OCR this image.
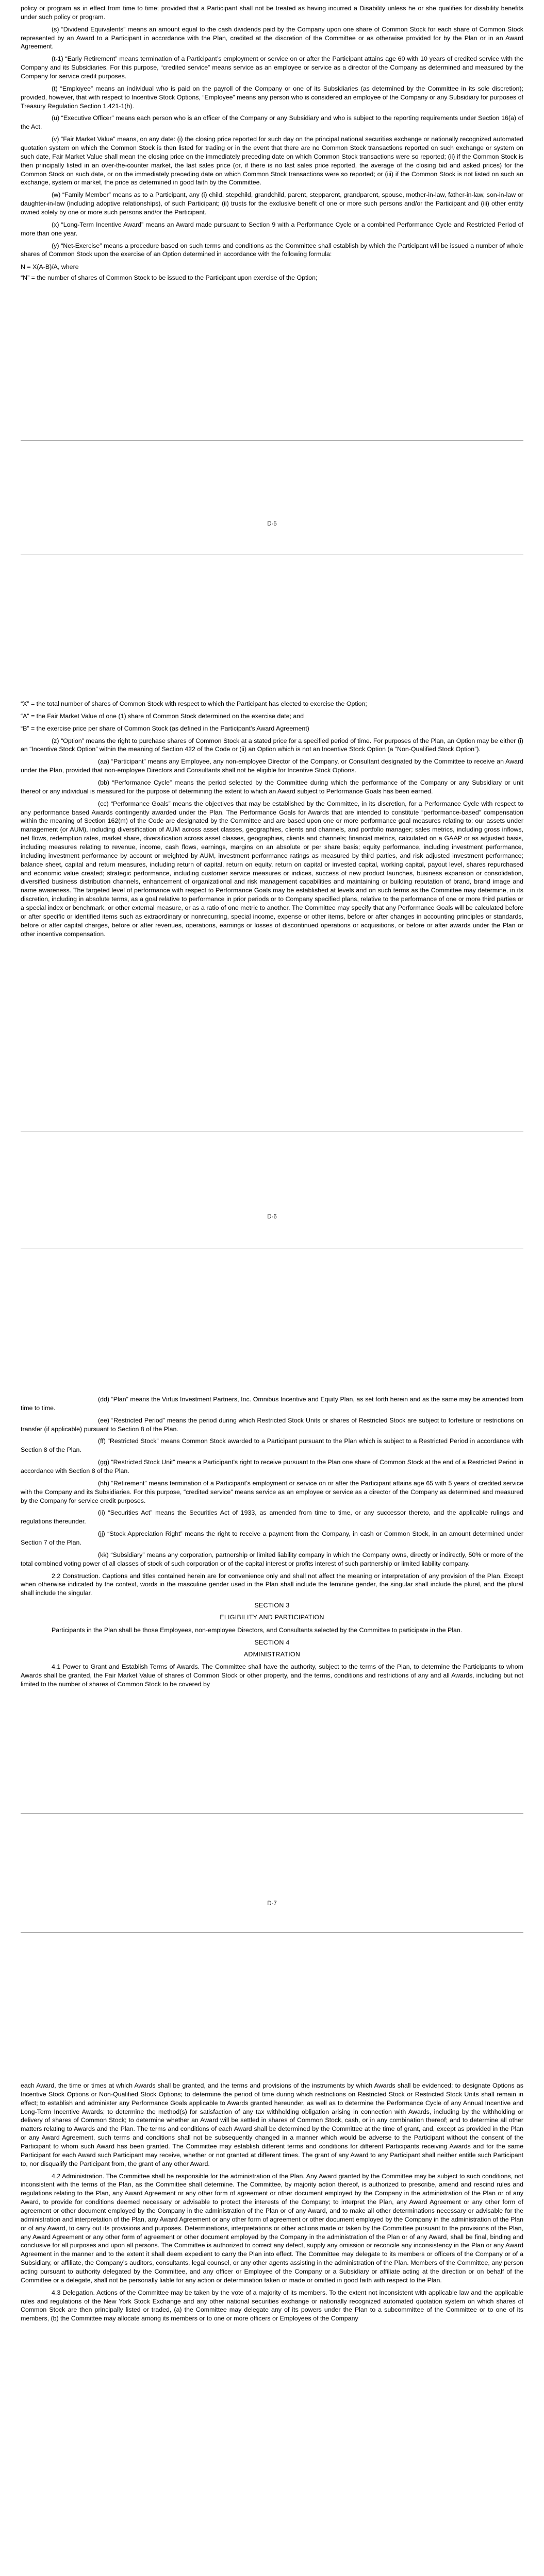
policy or program as in effect from time to time; provided that a Participant shall not be treated as having incurred a Disability unless he or she qualifies for disability benefits under such policy or program.

(s) “Dividend Equivalents” means an amount equal to the cash dividends paid by the Company upon one share of Common Stock for each share of Common Stock represented by an Award to a Participant in accordance with the Plan, credited at the discretion of the Committee or as otherwise provided for by the Plan or in an Award Agreement.

(t-1) “Early Retirement” means termination of a Participant’s employment or service on or after the Participant attains age 60 with 10 years of credited service with the Company and its Subsidiaries. For this purpose, “credited service” means service as an employee or service as a director of the Company as determined and measured by the Company for service credit purposes.

(t) “Employee” means an individual who is paid on the payroll of the Company or one of its Subsidiaries (as determined by the Committee in its sole discretion); provided, however, that with respect to Incentive Stock Options, “Employee” means any person who is considered an employee of the Company or any Subsidiary for purposes of Treasury Regulation Section 1.421-1(h).

(u) “Executive Officer” means each person who is an officer of the Company or any Subsidiary and who is subject to the reporting requirements under Section 16(a) of the Act.

(v) “Fair Market Value” means, on any date: (i) the closing price reported for such day on the principal national securities exchange or nationally recognized automated quotation system on which the Common Stock is then listed for trading or in the event that there are no Common Stock transactions reported on such exchange or system on such date, Fair Market Value shall mean the closing price on the immediately preceding date on which Common Stock transactions were so reported; (ii) if the Common Stock is then principally listed in an over-the-counter market, the last sales price (or, if there is no last sales price reported, the average of the closing bid and asked prices) for the Common Stock on such date, or on the immediately preceding date on which Common Stock transactions were so reported; or (iii) if the Common Stock is not listed on such an exchange, system or market, the price as determined in good faith by the Committee.

(w) “Family Member” means as to a Participant, any (i) child, stepchild, grandchild, parent, stepparent, grandparent, spouse, mother-in-law, father-in-law, son-in-law or daughter-in-law (including adoptive relationships), of such Participant; (ii) trusts for the exclusive benefit of one or more such persons and/or the Participant and (iii) other entity owned solely by one or more such persons and/or the Participant.

(x) “Long-Term Incentive Award” means an Award made pursuant to Section 9 with a Performance Cycle or a combined Performance Cycle and Restricted Period of more than one year.

(y) “Net-Exercise” means a procedure based on such terms and conditions as the Committee shall establish by which the Participant will be issued a number of whole shares of Common Stock upon the exercise of an Option determined in accordance with the following formula:

N = X(A-B)/A, where

“N” = the number of shares of Common Stock to be issued to the Participant upon exercise of the Option;

D-5

“X” = the total number of shares of Common Stock with respect to which the Participant has elected to exercise the Option;

“A” = the Fair Market Value of one (1) share of Common Stock determined on the exercise date; and

“B” = the exercise price per share of Common Stock (as defined in the Participant’s Award Agreement)

(z) “Option” means the right to purchase shares of Common Stock at a stated price for a specified period of time. For purposes of the Plan, an Option may be either (i) an “Incentive Stock Option” within the meaning of Section 422 of the Code or (ii) an Option which is not an Incentive Stock Option (a “Non-Qualified Stock Option”).

(aa) “Participant” means any Employee, any non-employee Director of the Company, or Consultant designated by the Committee to receive an Award under the Plan, provided that non-employee Directors and Consultants shall not be eligible for Incentive Stock Options.

(bb) “Performance Cycle” means the period selected by the Committee during which the performance of the Company or any Subsidiary or unit thereof or any individual is measured for the purpose of determining the extent to which an Award subject to Performance Goals has been earned.

(cc) “Performance Goals” means the objectives that may be established by the Committee, in its discretion, for a Performance Cycle with respect to any performance based Awards contingently awarded under the Plan. The Performance Goals for Awards that are intended to constitute “performance-based” compensation within the meaning of Section 162(m) of the Code are designated by the Committee and are based upon one or more performance goal measures relating to: our assets under management (or AUM), including diversification of AUM across asset classes, geographies, clients and channels, and portfolio manager; sales metrics, including gross inflows, net flows, redemption rates, market share, diversification across asset classes, geographies, clients and channels; financial metrics, calculated on a GAAP or as adjusted basis, including measures relating to revenue, income, cash flows, earnings, margins on an absolute or per share basis; equity performance, including investment performance, including investment performance by account or weighted by AUM, investment performance ratings as measured by third parties, and risk adjusted investment performance; balance sheet, capital and return measures, including return of capital, return on equity, return on capital or invested capital, working capital, payout level, shares repurchased and economic value created; strategic performance, including customer service measures or indices, success of new product launches, business expansion or consolidation, diversified business distribution channels, enhancement of organizational and risk management capabilities and maintaining or building reputation of brand, brand image and name awareness. The targeted level of performance with respect to Performance Goals may be established at levels and on such terms as the Committee may determine, in its discretion, including in absolute terms, as a goal relative to performance in prior periods or to Company specified plans, relative to the performance of one or more third parties or a special index or benchmark, or other external measure, or as a ratio of one metric to another. The Committee may specify that any Performance Goals will be calculated before or after specific or identified items such as extraordinary or nonrecurring, special income, expense or other items, before or after changes in accounting principles or standards, before or after capital charges, before or after revenues, operations, earnings or losses of discontinued operations or acquisitions, or before or after awards under the Plan or other incentive compensation.

D-6

(dd) “Plan” means the Virtus Investment Partners, Inc. Omnibus Incentive and Equity Plan, as set forth herein and as the same may be amended from time to time.

(ee) “Restricted Period” means the period during which Restricted Stock Units or shares of Restricted Stock are subject to forfeiture or restrictions on transfer (if applicable) pursuant to Section 8 of the Plan.

(ff) “Restricted Stock” means Common Stock awarded to a Participant pursuant to the Plan which is subject to a Restricted Period in accordance with Section 8 of the Plan.

(gg) “Restricted Stock Unit” means a Participant’s right to receive pursuant to the Plan one share of Common Stock at the end of a Restricted Period in accordance with Section 8 of the Plan.

(hh) “Retirement” means termination of a Participant’s employment or service on or after the Participant attains age 65 with 5 years of credited service with the Company and its Subsidiaries. For this purpose, “credited service” means service as an employee or service as a director of the Company as determined and measured by the Company for service credit purposes.

(ii) “Securities Act” means the Securities Act of 1933, as amended from time to time, or any successor thereto, and the applicable rulings and regulations thereunder.

(jj) “Stock Appreciation Right” means the right to receive a payment from the Company, in cash or Common Stock, in an amount determined under Section 7 of the Plan.

(kk) “Subsidiary” means any corporation, partnership or limited liability company in which the Company owns, directly or indirectly, 50% or more of the total combined voting power of all classes of stock of such corporation or of the capital interest or profits interest of such partnership or limited liability company.

2.2 Construction. Captions and titles contained herein are for convenience only and shall not affect the meaning or interpretation of any provision of the Plan. Except when otherwise indicated by the context, words in the masculine gender used in the Plan shall include the feminine gender, the singular shall include the plural, and the plural shall include the singular.

SECTION 3
ELIGIBILITY AND PARTICIPATION

Participants in the Plan shall be those Employees, non-employee Directors, and Consultants selected by the Committee to participate in the Plan.

SECTION 4
ADMINISTRATION

4.1 Power to Grant and Establish Terms of Awards. The Committee shall have the authority, subject to the terms of the Plan, to determine the Participants to whom Awards shall be granted, the Fair Market Value of shares of Common Stock or other property, and the terms, conditions and restrictions of any and all Awards, including but not limited to the number of shares of Common Stock to be covered by

D-7

each Award, the time or times at which Awards shall be granted, and the terms and provisions of the instruments by which Awards shall be evidenced; to designate Options as Incentive Stock Options or Non-Qualified Stock Options; to determine the period of time during which restrictions on Restricted Stock or Restricted Stock Units shall remain in effect; to establish and administer any Performance Goals applicable to Awards granted hereunder, as well as to determine the Performance Cycle of any Annual Incentive and Long-Term Incentive Awards; to determine the method(s) for satisfaction of any tax withholding obligation arising in connection with Awards, including by the withholding or delivery of shares of Common Stock; to determine whether an Award will be settled in shares of Common Stock, cash, or in any combination thereof; and to determine all other matters relating to Awards and the Plan. The terms and conditions of each Award shall be determined by the Committee at the time of grant, and, except as provided in the Plan or any Award Agreement, such terms and conditions shall not be subsequently changed in a manner which would be adverse to the Participant without the consent of the Participant to whom such Award has been granted. The Committee may establish different terms and conditions for different Participants receiving Awards and for the same Participant for each Award such Participant may receive, whether or not granted at different times. The grant of any Award to any Participant shall neither entitle such Participant to, nor disqualify the Participant from, the grant of any other Award.

4.2 Administration. The Committee shall be responsible for the administration of the Plan. Any Award granted by the Committee may be subject to such conditions, not inconsistent with the terms of the Plan, as the Committee shall determine. The Committee, by majority action thereof, is authorized to prescribe, amend and rescind rules and regulations relating to the Plan, any Award Agreement or any other form of agreement or other document employed by the Company in the administration of the Plan or of any Award, to provide for conditions deemed necessary or advisable to protect the interests of the Company; to interpret the Plan, any Award Agreement or any other form of agreement or other document employed by the Company in the administration of the Plan or of any Award, and to make all other determinations necessary or advisable for the administration and interpretation of the Plan, any Award Agreement or any other form of agreement or other document employed by the Company in the administration of the Plan or of any Award, to carry out its provisions and purposes. Determinations, interpretations or other actions made or taken by the Committee pursuant to the provisions of the Plan, any Award Agreement or any other form of agreement or other document employed by the Company in the administration of the Plan or of any Award, shall be final, binding and conclusive for all purposes and upon all persons. The Committee is authorized to correct any defect, supply any omission or reconcile any inconsistency in the Plan or any Award Agreement in the manner and to the extent it shall deem expedient to carry the Plan into effect. The Committee may delegate to its members or officers of the Company or of a Subsidiary, or affiliate, the Company’s auditors, consultants, legal counsel, or any other agents assisting in the administration of the Plan. Members of the Committee, any person acting pursuant to authority delegated by the Committee, and any officer or Employee of the Company or a Subsidiary or affiliate acting at the direction or on behalf of the Committee or a delegate, shall not be personally liable for any action or determination taken or made or omitted in good faith with respect to the Plan.

4.3 Delegation. Actions of the Committee may be taken by the vote of a majority of its members. To the extent not inconsistent with applicable law and the applicable rules and regulations of the New York Stock Exchange and any other national securities exchange or nationally recognized automated quotation system on which shares of Common Stock are then principally listed or traded, (a) the Committee may delegate any of its powers under the Plan to a subcommittee of the Committee or to one of its members, (b) the Committee may allocate among its members or to one or more officers or Employees of the Company
